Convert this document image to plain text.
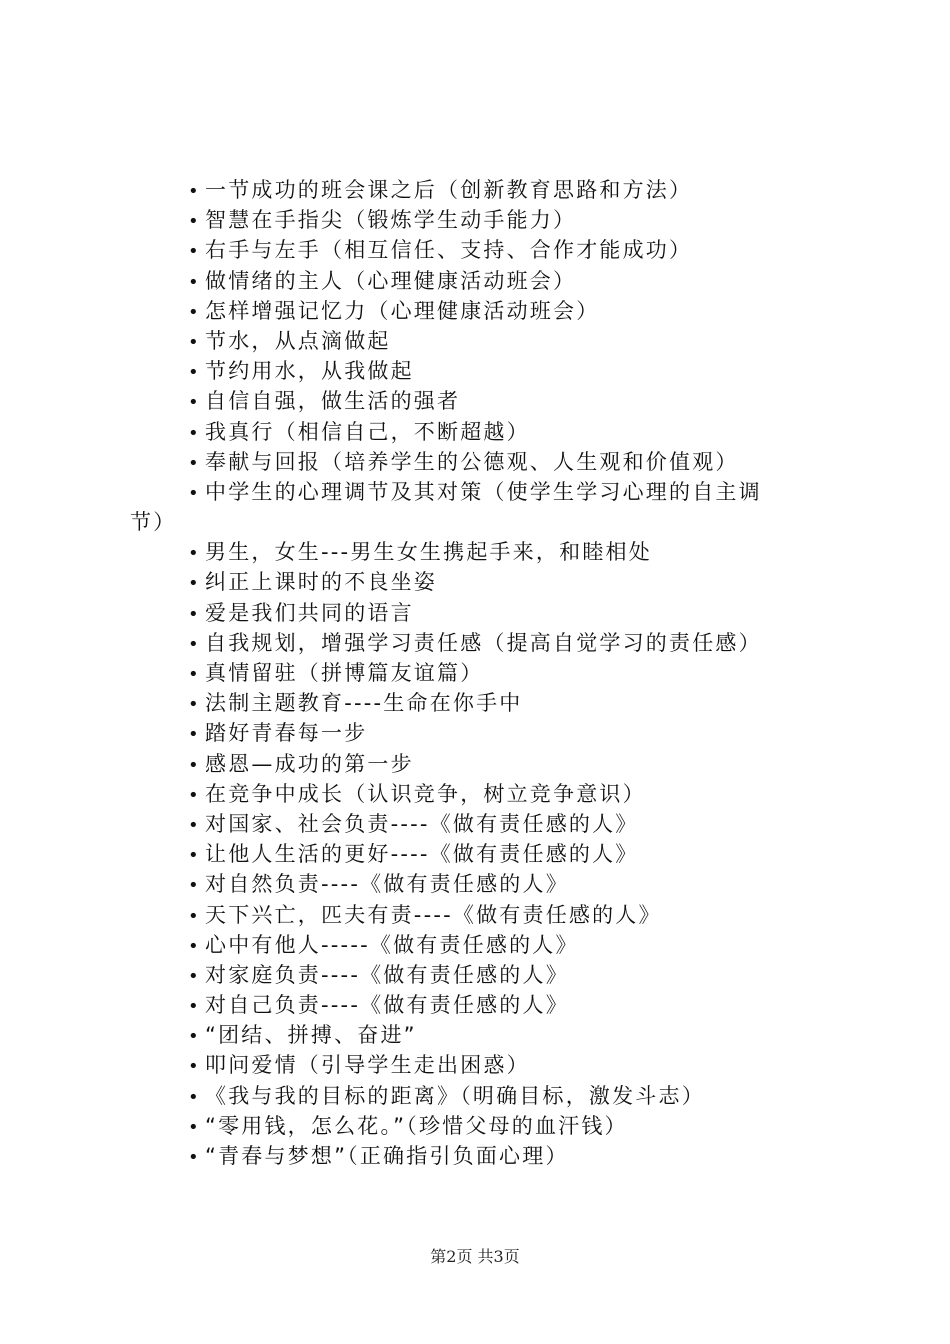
• 一节成功的班会课之后（创新教育思路和方法）
• 智慧在手指尖（锻炼学生动手能力）
• 右手与左手（相互信任、支持、合作才能成功）
• 做情绪的主人（心理健康活动班会）
• 怎样增强记忆力（心理健康活动班会）
• 节水，从点滴做起
• 节约用水，从我做起
• 自信自强，做生活的强者
• 我真行（相信自己，不断超越）
• 奉献与回报（培养学生的公德观、人生观和价值观）
• 中学生的心理调节及其对策（使学生学习心理的自主调
节）
• 男生，女生---男生女生携起手来，和睦相处
• 纠正上课时的不良坐姿
• 爱是我们共同的语言
• 自我规划，增强学习责任感（提高自觉学习的责任感）
• 真情留驻（拼博篇友谊篇）
• 法制主题教育----生命在你手中
• 踏好青春每一步
• 感恩—成功的第一步
• 在竞争中成长（认识竞争，树立竞争意识）
• 对国家、社会负责----《做有责任感的人》
• 让他人生活的更好----《做有责任感的人》
• 对自然负责----《做有责任感的人》
• 天下兴亡，匹夫有责----《做有责任感的人》
• 心中有他人-----《做有责任感的人》
• 对家庭负责----《做有责任感的人》
• 对自己负责----《做有责任感的人》
• “团结、拼搏、奋进”
• 叩问爱情（引导学生走出困惑）
• 《我与我的目标的距离》（明确目标，激发斗志）
• “零用钱，怎么花。”（珍惜父母的血汗钱）
• “青春与梦想”（正确指引负面心理）
第2页 共3页
